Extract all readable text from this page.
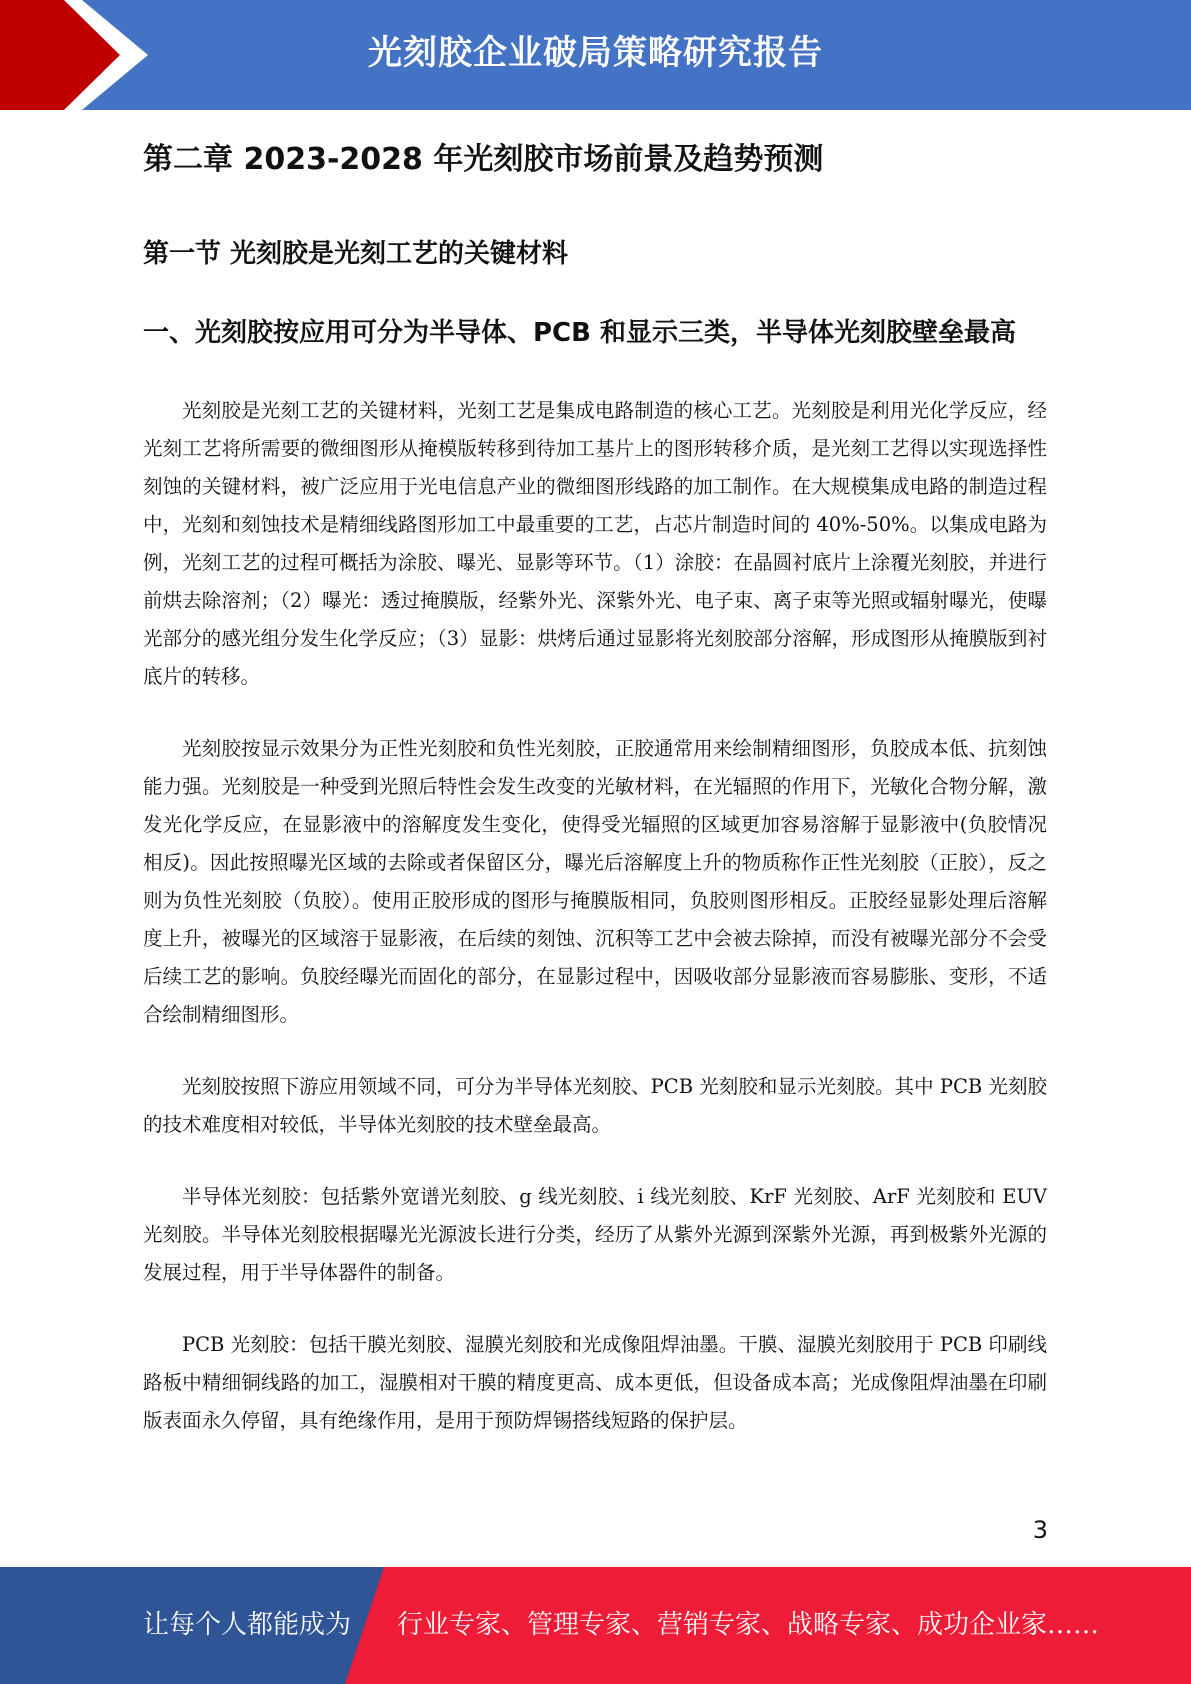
光刻胶企业破局策略研究报告
第二章 2023-2028 年光刻胶市场前景及趋势预测
第一节 光刻胶是光刻工艺的关键材料
一、光刻胶按应用可分为半导体、PCB 和显示三类，半导体光刻胶壁垒最高

光刻胶是光刻工艺的关键材料，光刻工艺是集成电路制造的核心工艺。光刻胶是利用光化学反应，经光刻工艺将所需要的微细图形从掩模版转移到待加工基片上的图形转移介质，是光刻工艺得以实现选择性刻蚀的关键材料，被广泛应用于光电信息产业的微细图形线路的加工制作。在大规模集成电路的制造过程中，光刻和刻蚀技术是精细线路图形加工中最重要的工艺，占芯片制造时间的 40%-50%。以集成电路为例，光刻工艺的过程可概括为涂胶、曝光、显影等环节。（1）涂胶：在晶圆衬底片上涂覆光刻胶，并进行前烘去除溶剂；（2）曝光：透过掩膜版，经紫外光、深紫外光、电子束、离子束等光照或辐射曝光，使曝光部分的感光组分发生化学反应；（3）显影：烘烤后通过显影将光刻胶部分溶解，形成图形从掩膜版到衬底片的转移。

光刻胶按显示效果分为正性光刻胶和负性光刻胶，正胶通常用来绘制精细图形，负胶成本低、抗刻蚀能力强。光刻胶是一种受到光照后特性会发生改变的光敏材料，在光辐照的作用下，光敏化合物分解，激发光化学反应，在显影液中的溶解度发生变化，使得受光辐照的区域更加容易溶解于显影液中(负胶情况相反)。因此按照曝光区域的去除或者保留区分，曝光后溶解度上升的物质称作正性光刻胶（正胶），反之则为负性光刻胶（负胶）。使用正胶形成的图形与掩膜版相同，负胶则图形相反。正胶经显影处理后溶解度上升，被曝光的区域溶于显影液，在后续的刻蚀、沉积等工艺中会被去除掉，而没有被曝光部分不会受后续工艺的影响。负胶经曝光而固化的部分，在显影过程中，因吸收部分显影液而容易膨胀、变形，不适合绘制精细图形。

光刻胶按照下游应用领域不同，可分为半导体光刻胶、PCB 光刻胶和显示光刻胶。其中 PCB 光刻胶的技术难度相对较低，半导体光刻胶的技术壁垒最高。

半导体光刻胶：包括紫外宽谱光刻胶、g 线光刻胶、i 线光刻胶、KrF 光刻胶、ArF 光刻胶和 EUV 光刻胶。半导体光刻胶根据曝光光源波长进行分类，经历了从紫外光源到深紫外光源，再到极紫外光源的发展过程，用于半导体器件的制备。

PCB 光刻胶：包括干膜光刻胶、湿膜光刻胶和光成像阻焊油墨。干膜、湿膜光刻胶用于 PCB 印刷线路板中精细铜线路的加工，湿膜相对干膜的精度更高、成本更低，但设备成本高；光成像阻焊油墨在印刷版表面永久停留，具有绝缘作用，是用于预防焊锡搭线短路的保护层。

3
让每个人都能成为 行业专家、管理专家、营销专家、战略专家、成功企业家……
